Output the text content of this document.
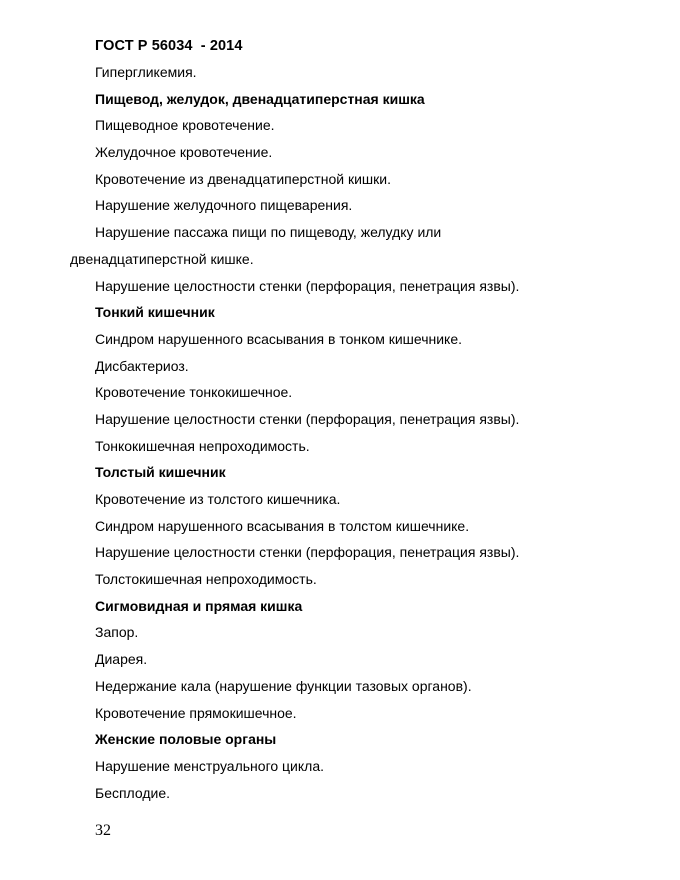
ГОСТ Р 56034  - 2014
Гипергликемия.
Пищевод, желудок, двенадцатиперстная кишка
Пищеводное кровотечение.
Желудочное кровотечение.
Кровотечение из двенадцатиперстной кишки.
Нарушение желудочного пищеварения.
Нарушение пассажа пищи по пищеводу, желудку или
двенадцатиперстной кишке.
Нарушение целостности стенки (перфорация, пенетрация язвы).
Тонкий кишечник
Синдром нарушенного всасывания в тонком кишечнике.
Дисбактериоз.
Кровотечение тонкокишечное.
Нарушение целостности стенки (перфорация, пенетрация язвы).
Тонкокишечная непроходимость.
Толстый кишечник
Кровотечение из толстого кишечника.
Синдром нарушенного всасывания в толстом кишечнике.
Нарушение целостности стенки (перфорация, пенетрация язвы).
Толстокишечная непроходимость.
Сигмовидная и прямая кишка
Запор.
Диарея.
Недержание кала (нарушение функции тазовых органов).
Кровотечение прямокишечное.
Женские половые органы
Нарушение менструального цикла.
Бесплодие.
32
